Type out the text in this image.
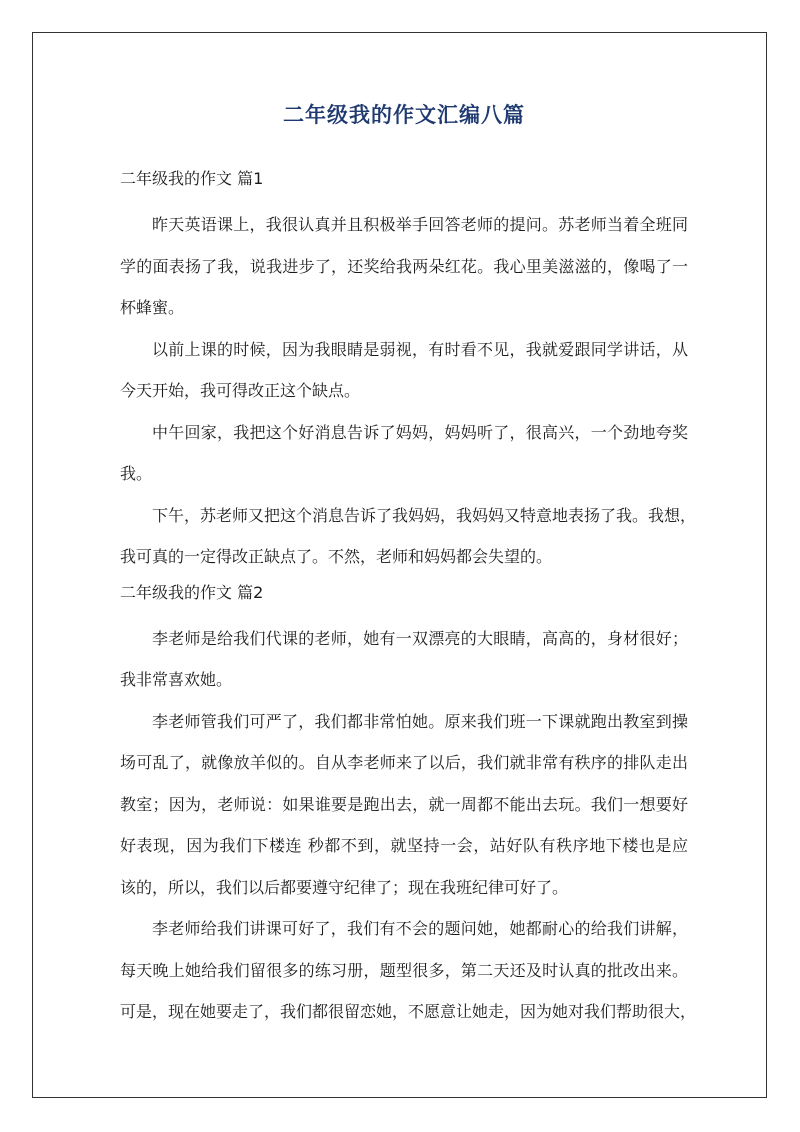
二年级我的作文汇编八篇
二年级我的作文 篇1
昨天英语课上，我很认真并且积极举手回答老师的提问。苏老师当着全班同
学的面表扬了我，说我进步了，还奖给我两朵红花。我心里美滋滋的，像喝了一
杯蜂蜜。
以前上课的时候，因为我眼睛是弱视，有时看不见，我就爱跟同学讲话，从
今天开始，我可得改正这个缺点。
中午回家，我把这个好消息告诉了妈妈，妈妈听了，很高兴，一个劲地夸奖
我。
下午，苏老师又把这个消息告诉了我妈妈，我妈妈又特意地表扬了我。我想，
我可真的一定得改正缺点了。不然，老师和妈妈都会失望的。
二年级我的作文 篇2
李老师是给我们代课的老师，她有一双漂亮的大眼睛，高高的，身材很好；
我非常喜欢她。
李老师管我们可严了，我们都非常怕她。原来我们班一下课就跑出教室到操
场可乱了，就像放羊似的。自从李老师来了以后，我们就非常有秩序的排队走出
教室；因为，老师说：如果谁要是跑出去，就一周都不能出去玩。我们一想要好
好表现，因为我们下楼连 秒都不到，就坚持一会，站好队有秩序地下楼也是应
该的，所以，我们以后都要遵守纪律了；现在我班纪律可好了。
李老师给我们讲课可好了，我们有不会的题问她，她都耐心的给我们讲解，
每天晚上她给我们留很多的练习册，题型很多，第二天还及时认真的批改出来。
可是，现在她要走了，我们都很留恋她，不愿意让她走，因为她对我们帮助很大，
